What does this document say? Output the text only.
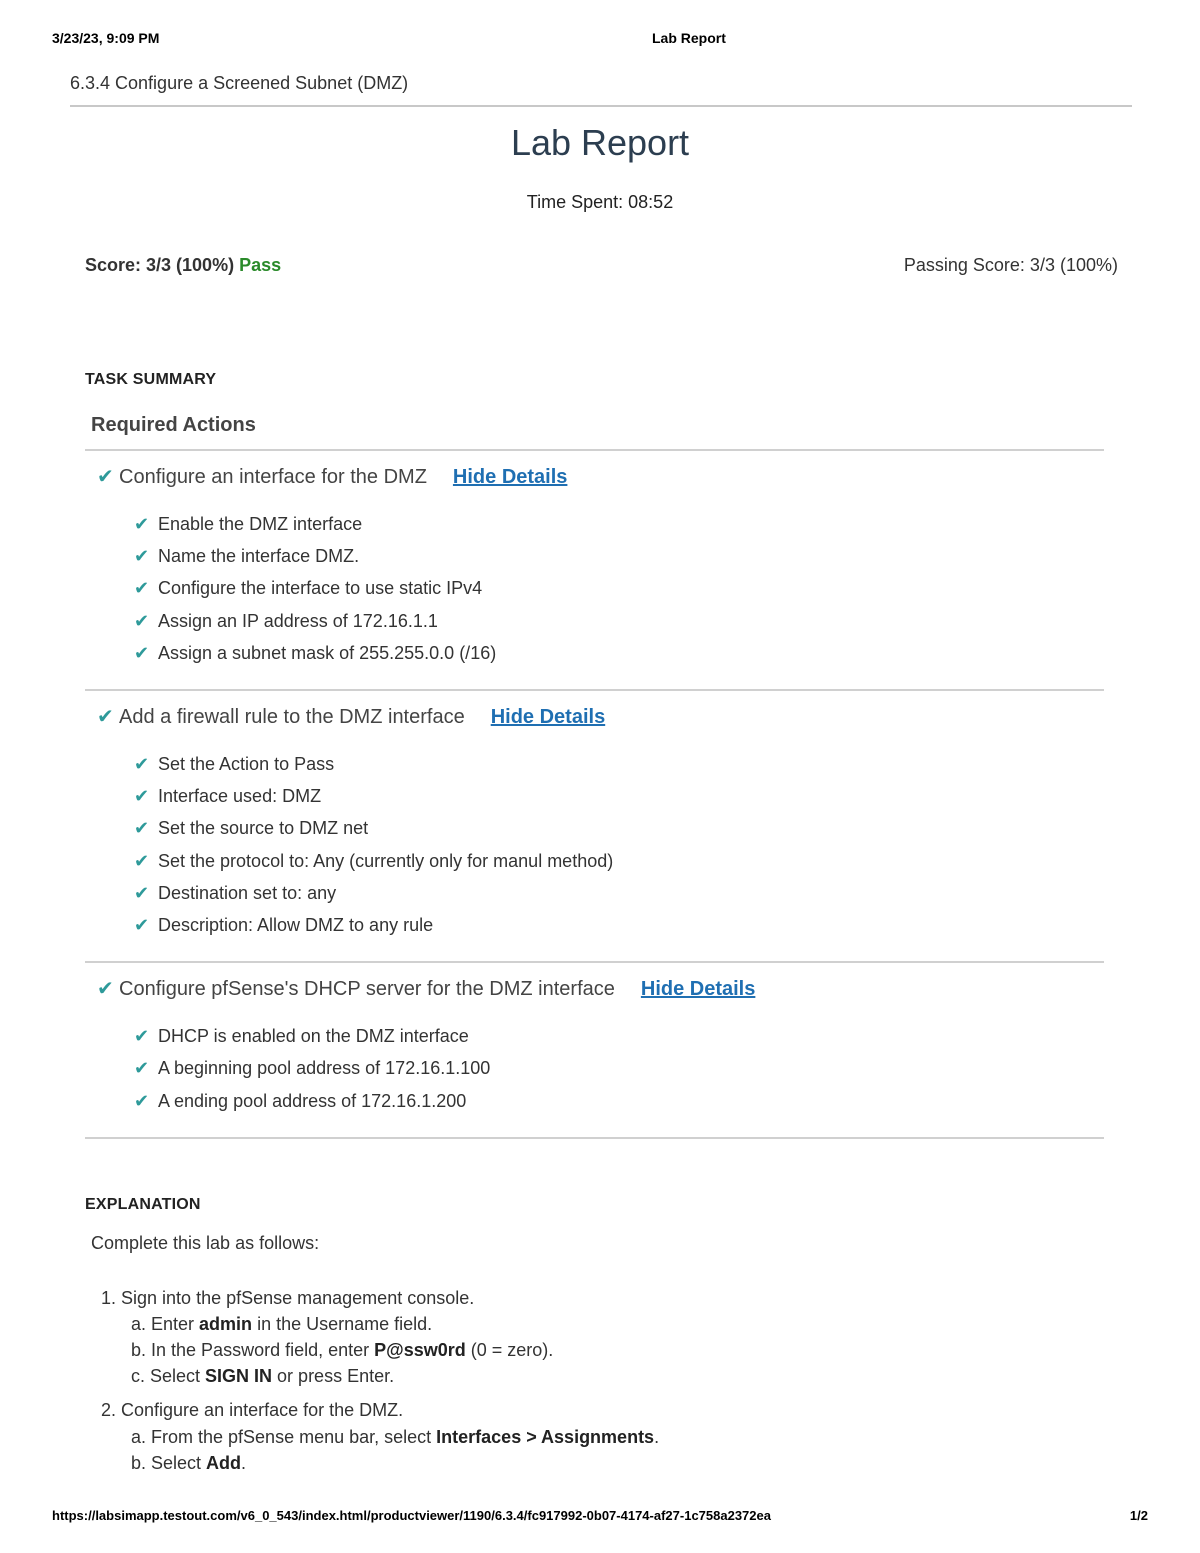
3/23/23, 9:09 PM	Lab Report
6.3.4 Configure a Screened Subnet (DMZ)
Lab Report
Time Spent: 08:52
Score: 3/3 (100%) Pass	Passing Score: 3/3 (100%)
TASK SUMMARY
Required Actions
✔ Configure an interface for the DMZ Hide Details
✔ Enable the DMZ interface
✔ Name the interface DMZ.
✔ Configure the interface to use static IPv4
✔ Assign an IP address of 172.16.1.1
✔ Assign a subnet mask of 255.255.0.0 (/16)
✔ Add a firewall rule to the DMZ interface Hide Details
✔ Set the Action to Pass
✔ Interface used: DMZ
✔ Set the source to DMZ net
✔ Set the protocol to: Any (currently only for manul method)
✔ Destination set to: any
✔ Description: Allow DMZ to any rule
✔ Configure pfSense's DHCP server for the DMZ interface Hide Details
✔ DHCP is enabled on the DMZ interface
✔ A beginning pool address of 172.16.1.100
✔ A ending pool address of 172.16.1.200
EXPLANATION
Complete this lab as follows:
1. Sign into the pfSense management console.
a. Enter admin in the Username field.
b. In the Password field, enter P@ssw0rd (0 = zero).
c. Select SIGN IN or press Enter.
2. Configure an interface for the DMZ.
a. From the pfSense menu bar, select Interfaces > Assignments.
b. Select Add.
https://labsimapp.testout.com/v6_0_543/index.html/productviewer/1190/6.3.4/fc917992-0b07-4174-af27-1c758a2372ea	1/2
